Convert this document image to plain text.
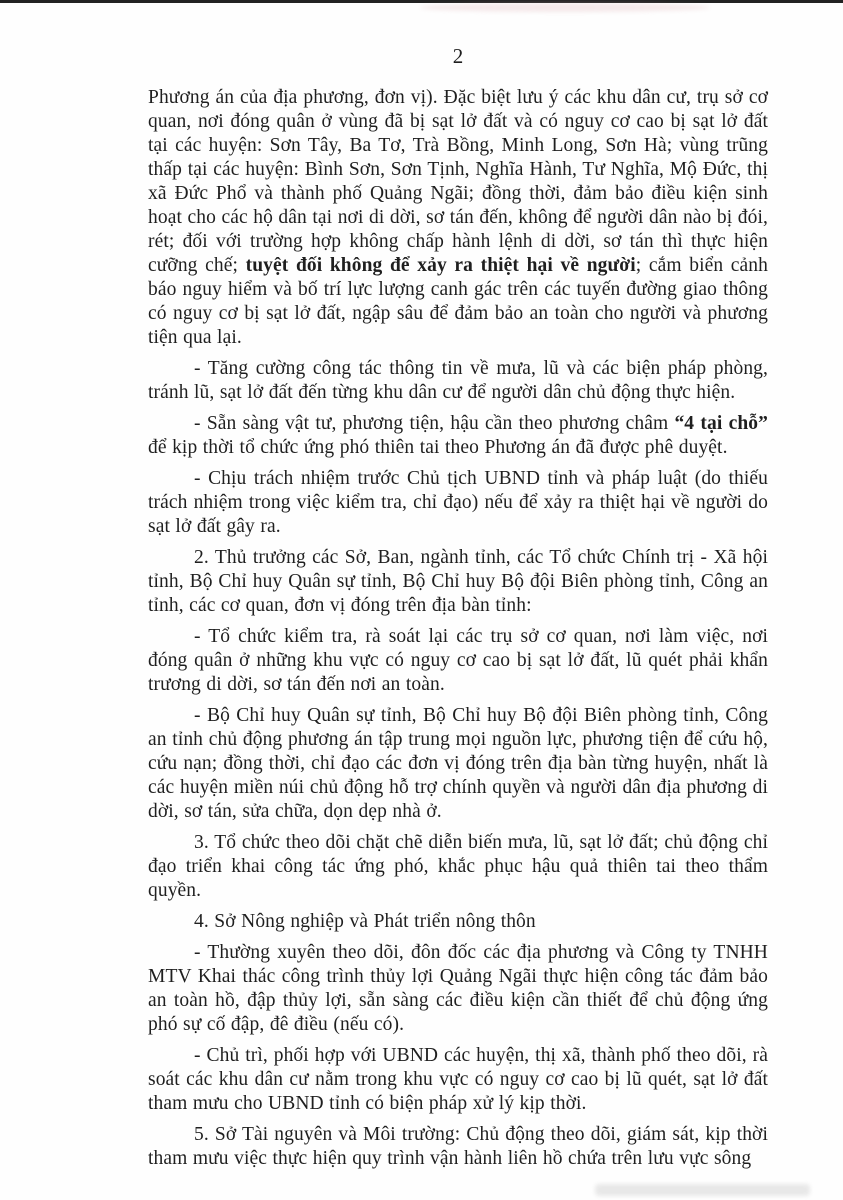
2

Phương án của địa phương, đơn vị). Đặc biệt lưu ý các khu dân cư, trụ sở cơ quan, nơi đóng quân ở vùng đã bị sạt lở đất và có nguy cơ cao bị sạt lở đất tại các huyện: Sơn Tây, Ba Tơ, Trà Bồng, Minh Long, Sơn Hà; vùng trũng thấp tại các huyện: Bình Sơn, Sơn Tịnh, Nghĩa Hành, Tư Nghĩa, Mộ Đức, thị xã Đức Phổ và thành phố Quảng Ngãi; đồng thời, đảm bảo điều kiện sinh hoạt cho các hộ dân tại nơi di dời, sơ tán đến, không để người dân nào bị đói, rét; đối với trường hợp không chấp hành lệnh di dời, sơ tán thì thực hiện cưỡng chế; tuyệt đối không để xảy ra thiệt hại về người; cắm biển cảnh báo nguy hiểm và bố trí lực lượng canh gác trên các tuyến đường giao thông có nguy cơ bị sạt lở đất, ngập sâu để đảm bảo an toàn cho người và phương tiện qua lại.

- Tăng cường công tác thông tin về mưa, lũ và các biện pháp phòng, tránh lũ, sạt lở đất đến từng khu dân cư để người dân chủ động thực hiện.

- Sẵn sàng vật tư, phương tiện, hậu cần theo phương châm “4 tại chỗ” để kịp thời tổ chức ứng phó thiên tai theo Phương án đã được phê duyệt.

- Chịu trách nhiệm trước Chủ tịch UBND tỉnh và pháp luật (do thiếu trách nhiệm trong việc kiểm tra, chỉ đạo) nếu để xảy ra thiệt hại về người do sạt lở đất gây ra.

2. Thủ trưởng các Sở, Ban, ngành tỉnh, các Tổ chức Chính trị - Xã hội tỉnh, Bộ Chỉ huy Quân sự tỉnh, Bộ Chỉ huy Bộ đội Biên phòng tỉnh, Công an tỉnh, các cơ quan, đơn vị đóng trên địa bàn tỉnh:

- Tổ chức kiểm tra, rà soát lại các trụ sở cơ quan, nơi làm việc, nơi đóng quân ở những khu vực có nguy cơ cao bị sạt lở đất, lũ quét phải khẩn trương di dời, sơ tán đến nơi an toàn.

- Bộ Chỉ huy Quân sự tỉnh, Bộ Chỉ huy Bộ đội Biên phòng tỉnh, Công an tỉnh chủ động phương án tập trung mọi nguồn lực, phương tiện để cứu hộ, cứu nạn; đồng thời, chỉ đạo các đơn vị đóng trên địa bàn từng huyện, nhất là các huyện miền núi chủ động hỗ trợ chính quyền và người dân địa phương di dời, sơ tán, sửa chữa, dọn dẹp nhà ở.

3. Tổ chức theo dõi chặt chẽ diễn biến mưa, lũ, sạt lở đất; chủ động chỉ đạo triển khai công tác ứng phó, khắc phục hậu quả thiên tai theo thẩm quyền.

4. Sở Nông nghiệp và Phát triển nông thôn

- Thường xuyên theo dõi, đôn đốc các địa phương và Công ty TNHH MTV Khai thác công trình thủy lợi Quảng Ngãi thực hiện công tác đảm bảo an toàn hồ, đập thủy lợi, sẵn sàng các điều kiện cần thiết để chủ động ứng phó sự cố đập, đê điều (nếu có).

- Chủ trì, phối hợp với UBND các huyện, thị xã, thành phố theo dõi, rà soát các khu dân cư nằm trong khu vực có nguy cơ cao bị lũ quét, sạt lở đất tham mưu cho UBND tỉnh có biện pháp xử lý kịp thời.

5. Sở Tài nguyên và Môi trường: Chủ động theo dõi, giám sát, kịp thời tham mưu việc thực hiện quy trình vận hành liên hồ chứa trên lưu vực sông
